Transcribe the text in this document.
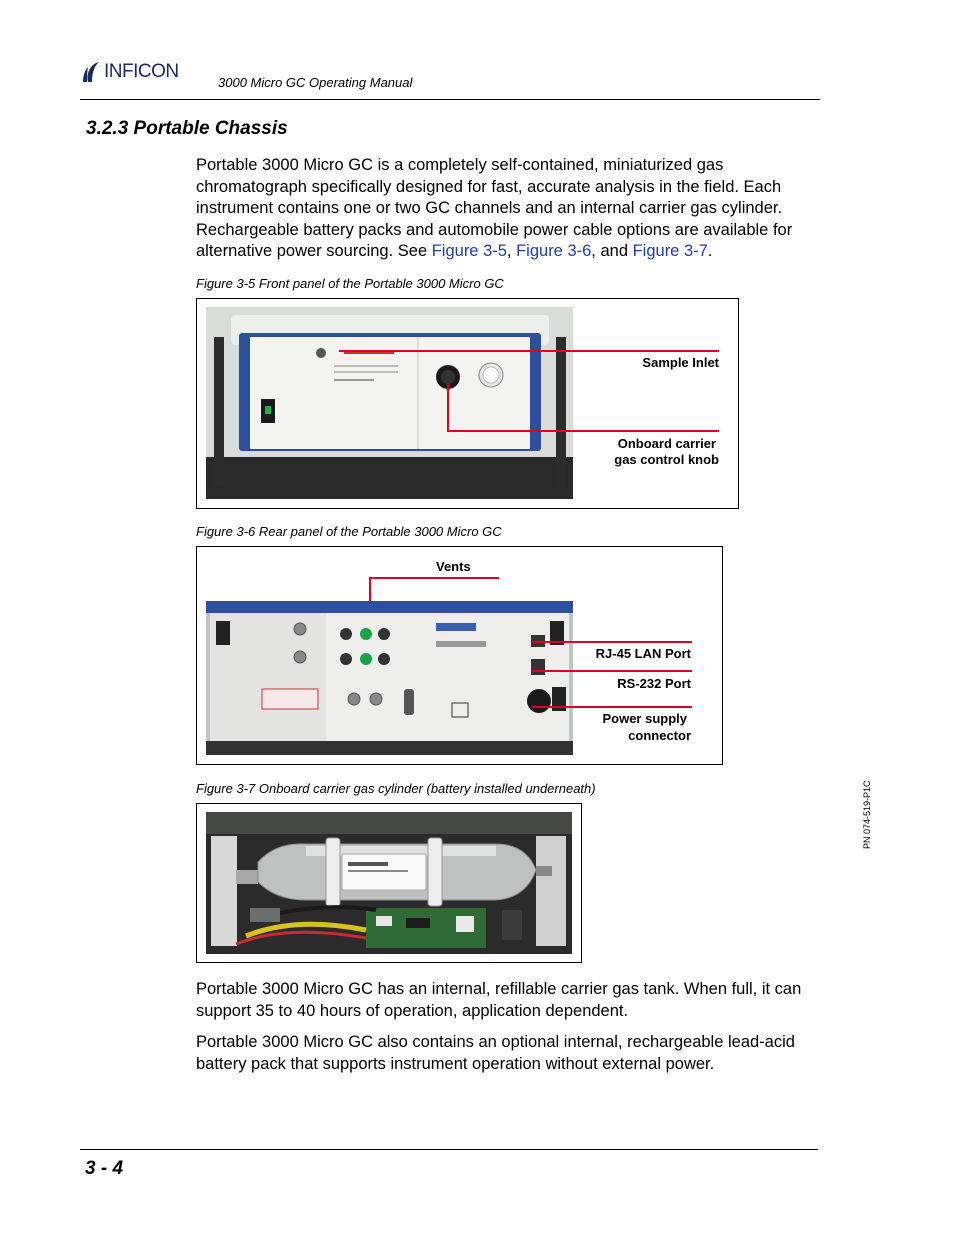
INFICON
3000 Micro GC Operating Manual
3.2.3 Portable Chassis
Portable 3000 Micro GC is a completely self-contained, miniaturized gas chromatograph specifically designed for fast, accurate analysis in the field. Each instrument contains one or two GC channels and an internal carrier gas cylinder. Rechargeable battery packs and automobile power cable options are available for alternative power sourcing. See Figure 3-5, Figure 3-6, and Figure 3-7.
Figure 3-5 Front panel of the Portable 3000 Micro GC
Sample Inlet
Onboard carrier
gas control knob
Figure 3-6 Rear panel of the Portable 3000 Micro GC
Vents
RJ-45 LAN Port
RS-232 Port
Power supply
connector
Figure 3-7 Onboard carrier gas cylinder (battery installed underneath)
Portable 3000 Micro GC has an internal, refillable carrier gas tank. When full, it can support 35 to 40 hours of operation, application dependent.
Portable 3000 Micro GC also contains an optional internal, rechargeable lead-acid battery pack that supports instrument operation without external power.
PN 074-519-P1C
3 - 4
